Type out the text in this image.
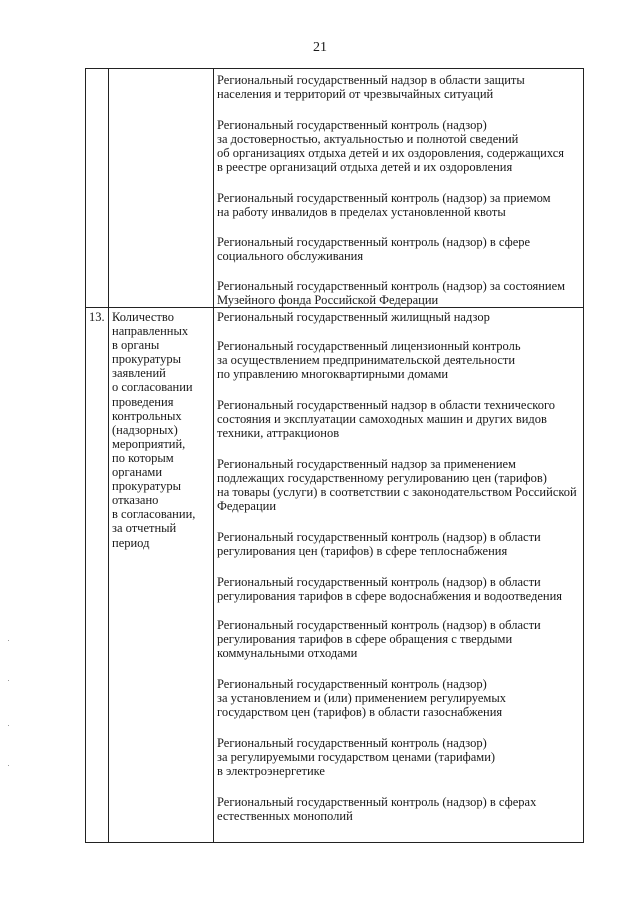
21
Региональный государственный надзор в области защиты
населения и территорий от чрезвычайных ситуаций
Региональный государственный контроль (надзор)
за достоверностью, актуальностью и полнотой сведений
об организациях отдыха детей и их оздоровления, содержащихся
в реестре организаций отдыха детей и их оздоровления
Региональный государственный контроль (надзор) за приемом
на работу инвалидов в пределах установленной квоты
Региональный государственный контроль (надзор) в сфере
социального обслуживания
Региональный государственный контроль (надзор) за состоянием
Музейного фонда Российской Федерации
13. Количество
направленных
в органы
прокуратуры
заявлений
о согласовании
проведения
контрольных
(надзорных)
мероприятий,
по которым
органами
прокуратуры
отказано
в согласовании,
за отчетный
период
Региональный государственный жилищный надзор
Региональный государственный лицензионный контроль
за осуществлением предпринимательской деятельности
по управлению многоквартирными домами
Региональный государственный надзор в области технического
состояния и эксплуатации самоходных машин и других видов
техники, аттракционов
Региональный государственный надзор за применением
подлежащих государственному регулированию цен (тарифов)
на товары (услуги) в соответствии с законодательством Российской
Федерации
Региональный государственный контроль (надзор) в области
регулирования цен (тарифов) в сфере теплоснабжения
Региональный государственный контроль (надзор) в области
регулирования тарифов в сфере водоснабжения и водоотведения
Региональный государственный контроль (надзор) в области
регулирования тарифов в сфере обращения с твердыми
коммунальными отходами
Региональный государственный контроль (надзор)
за установлением и (или) применением регулируемых
государством цен (тарифов) в области газоснабжения
Региональный государственный контроль (надзор)
за регулируемыми государством ценами (тарифами)
в электроэнергетике
Региональный государственный контроль (надзор) в сферах
естественных монополий
